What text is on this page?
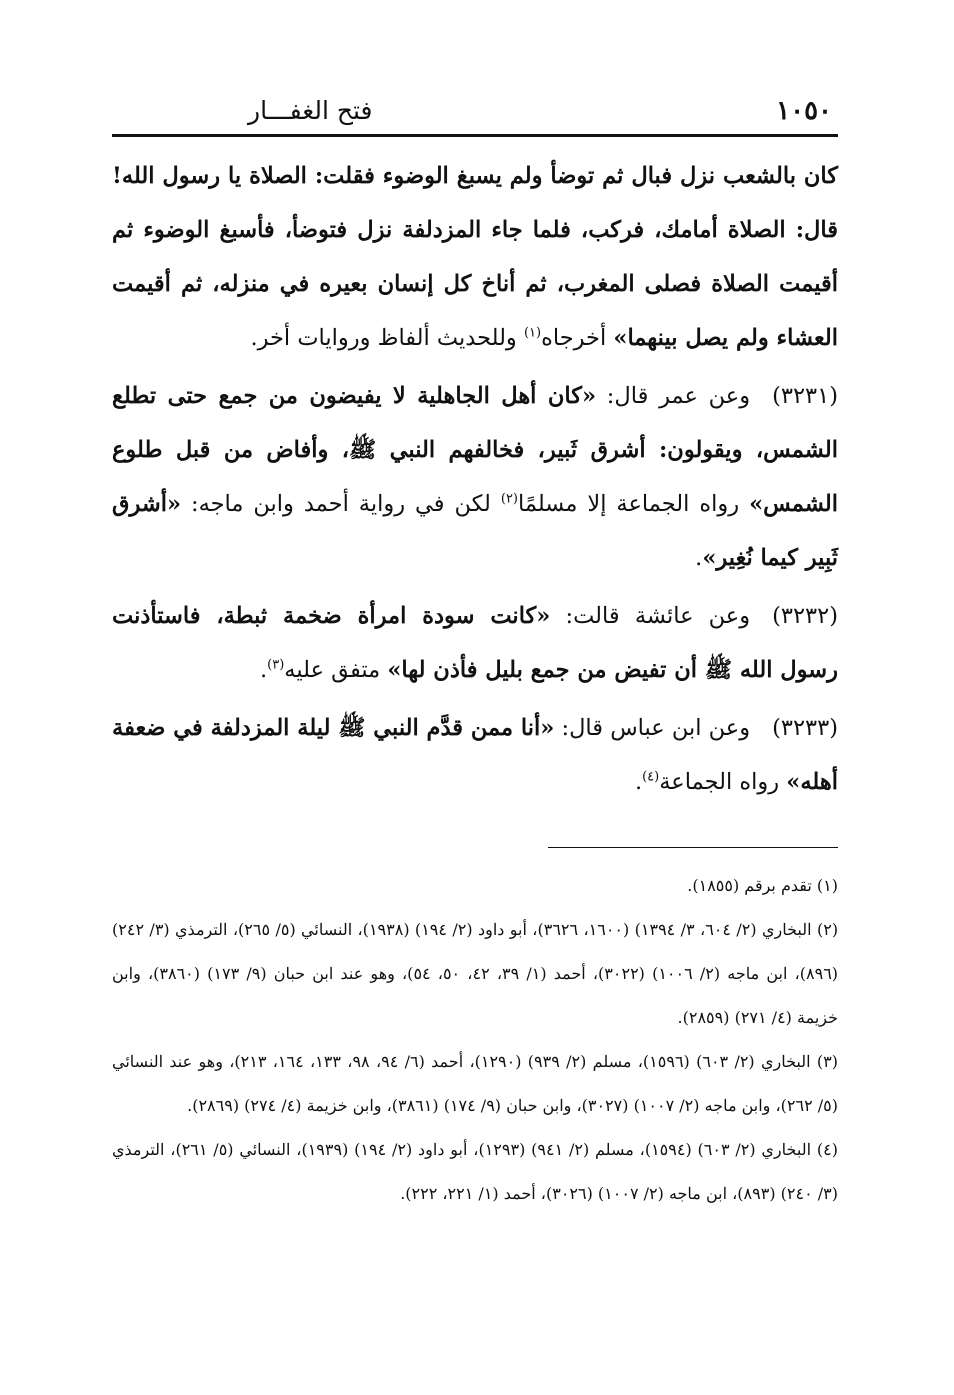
١٠٥٠
فتح الغفـــار

كان بالشعب نزل فبال ثم توضأ ولم يسبغ الوضوء فقلت: الصلاة يا رسول الله! قال: الصلاة أمامك، فركب، فلما جاء المزدلفة نزل فتوضأ، فأسبغ الوضوء ثم أقيمت الصلاة فصلى المغرب، ثم أناخ كل إنسان بعيره في منزله، ثم أقيمت العشاء ولم يصل بينهما» أخرجاه$^{(١)}$ وللحديث ألفاظ وروايات أخر.

(٣٢٣١)وعن عمر قال: «كان أهل الجاهلية لا يفيضون من جمع حتى تطلع الشمس، ويقولون: أشرق ثَبير، فخالفهم النبي ﷺ، وأفاض من قبل طلوع الشمس» رواه الجماعة إلا مسلمًا$^{(٢)}$ لكن في رواية أحمد وابن ماجه: «أشرق ثَبِير كيما نُغِير».

(٣٢٣٢)وعن عائشة قالت: «كانت سودة امرأة ضخمة ثبطة، فاستأذنت رسول الله ﷺ أن تفيض من جمع بليل فأذن لها» متفق عليه$^{(٣)}$.

(٣٢٣٣)وعن ابن عباس قال: «أنا ممن قدَّم النبي ﷺ ليلة المزدلفة في ضعفة أهله» رواه الجماعة$^{(٤)}$.

(١) تقدم برقم (١٨٥٥).

(٢) البخاري (٢/ ٦٠٤، ٣/ ١٣٩٤) (١٦٠٠، ٣٦٢٦)، أبو داود (٢/ ١٩٤) (١٩٣٨)، النسائي (٥/ ٢٦٥)، الترمذي (٣/ ٢٤٢) (٨٩٦)، ابن ماجه (٢/ ١٠٠٦) (٣٠٢٢)، أحمد (١/ ٣٩، ٤٢، ٥٠، ٥٤)، وهو عند ابن حبان (٩/ ١٧٣) (٣٨٦٠)، وابن خزيمة (٤/ ٢٧١) (٢٨٥٩).

(٣) البخاري (٢/ ٦٠٣) (١٥٩٦)، مسلم (٢/ ٩٣٩) (١٢٩٠)، أحمد (٦/ ٩٤، ٩٨، ١٣٣، ١٦٤، ٢١٣)، وهو عند النسائي (٥/ ٢٦٢)، وابن ماجه (٢/ ١٠٠٧) (٣٠٢٧)، وابن حبان (٩/ ١٧٤) (٣٨٦١)، وابن خزيمة (٤/ ٢٧٤) (٢٨٦٩).

(٤) البخاري (٢/ ٦٠٣) (١٥٩٤)، مسلم (٢/ ٩٤١) (١٢٩٣)، أبو داود (٢/ ١٩٤) (١٩٣٩)، النسائي (٥/ ٢٦١)، الترمذي (٣/ ٢٤٠) (٨٩٣)، ابن ماجه (٢/ ١٠٠٧) (٣٠٢٦)، أحمد (١/ ٢٢١، ٢٢٢).
